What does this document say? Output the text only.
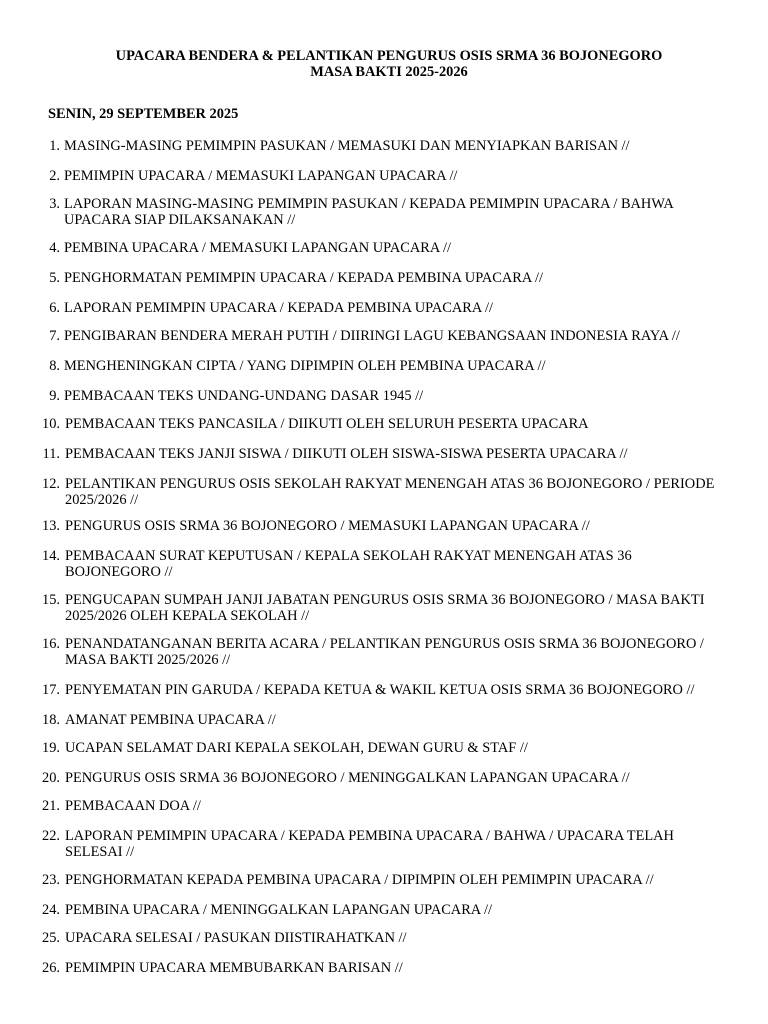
UPACARA BENDERA & PELANTIKAN PENGURUS OSIS SRMA 36 BOJONEGORO
MASA BAKTI 2025-2026
SENIN, 29 SEPTEMBER 2025
1. MASING-MASING PEMIMPIN PASUKAN / MEMASUKI DAN MENYIAPKAN BARISAN //
2. PEMIMPIN UPACARA / MEMASUKI LAPANGAN UPACARA //
3. LAPORAN MASING-MASING PEMIMPIN PASUKAN / KEPADA PEMIMPIN UPACARA / BAHWA UPACARA SIAP DILAKSANAKAN //
4. PEMBINA UPACARA / MEMASUKI LAPANGAN UPACARA //
5. PENGHORMATAN PEMIMPIN UPACARA / KEPADA PEMBINA UPACARA //
6. LAPORAN PEMIMPIN UPACARA / KEPADA PEMBINA UPACARA //
7. PENGIBARAN BENDERA MERAH PUTIH / DIIRINGI LAGU KEBANGSAAN INDONESIA RAYA //
8. MENGHENINGKAN CIPTA / YANG DIPIMPIN OLEH PEMBINA UPACARA //
9. PEMBACAAN TEKS UNDANG-UNDANG DASAR 1945 //
10. PEMBACAAN TEKS PANCASILA / DIIKUTI OLEH SELURUH PESERTA UPACARA
11. PEMBACAAN TEKS JANJI SISWA / DIIKUTI OLEH SISWA-SISWA PESERTA UPACARA //
12. PELANTIKAN PENGURUS OSIS SEKOLAH RAKYAT MENENGAH ATAS 36 BOJONEGORO / PERIODE 2025/2026 //
13. PENGURUS OSIS SRMA 36 BOJONEGORO / MEMASUKI LAPANGAN UPACARA //
14. PEMBACAAN SURAT KEPUTUSAN / KEPALA SEKOLAH RAKYAT MENENGAH ATAS 36 BOJONEGORO //
15. PENGUCAPAN SUMPAH JANJI JABATAN PENGURUS OSIS SRMA 36 BOJONEGORO / MASA BAKTI 2025/2026 OLEH KEPALA SEKOLAH //
16. PENANDATANGANAN BERITA ACARA / PELANTIKAN PENGURUS OSIS SRMA 36 BOJONEGORO / MASA BAKTI 2025/2026 //
17. PENYEMATAN PIN GARUDA / KEPADA KETUA & WAKIL KETUA OSIS SRMA 36 BOJONEGORO //
18. AMANAT PEMBINA UPACARA //
19. UCAPAN SELAMAT DARI KEPALA SEKOLAH, DEWAN GURU & STAF //
20. PENGURUS OSIS SRMA 36 BOJONEGORO / MENINGGALKAN LAPANGAN UPACARA //
21. PEMBACAAN DOA //
22. LAPORAN PEMIMPIN UPACARA / KEPADA PEMBINA UPACARA / BAHWA / UPACARA TELAH SELESAI //
23. PENGHORMATAN KEPADA PEMBINA UPACARA / DIPIMPIN OLEH PEMIMPIN UPACARA //
24. PEMBINA UPACARA / MENINGGALKAN LAPANGAN UPACARA //
25. UPACARA SELESAI / PASUKAN DIISTIRAHATKAN //
26. PEMIMPIN UPACARA MEMBUBARKAN BARISAN //
